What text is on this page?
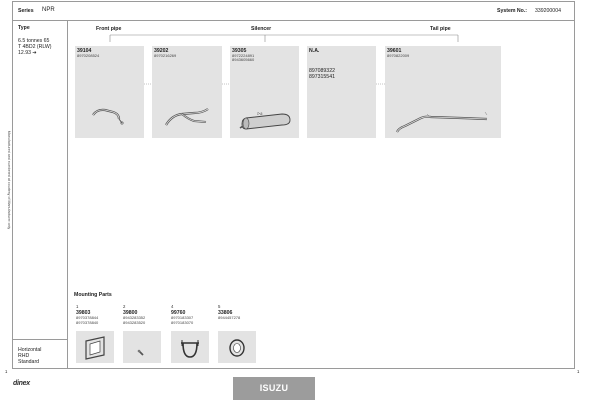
Series NPR	System No.: 339200004
Type
6.5 tonnes 65
T 4BD2 (RLW)
12.93 ➔
Manufactured and numbered at courtesy of Manufacturer only
Horizontal
RHD
Standard
Front pipe	Silencer	Tail pipe
39104
8970208524
39202
8970216269
39305
8972224891
8943605660
1~5
N.A.
897089322
897315541
39601
8970822009
Mounting Parts
1
39803
8970378844
8970378840
2
39800
8943283352
8943283520
4
99760
8970183307
8970183070
5
33806
8944457278
1	1
dinex	ISUZU
